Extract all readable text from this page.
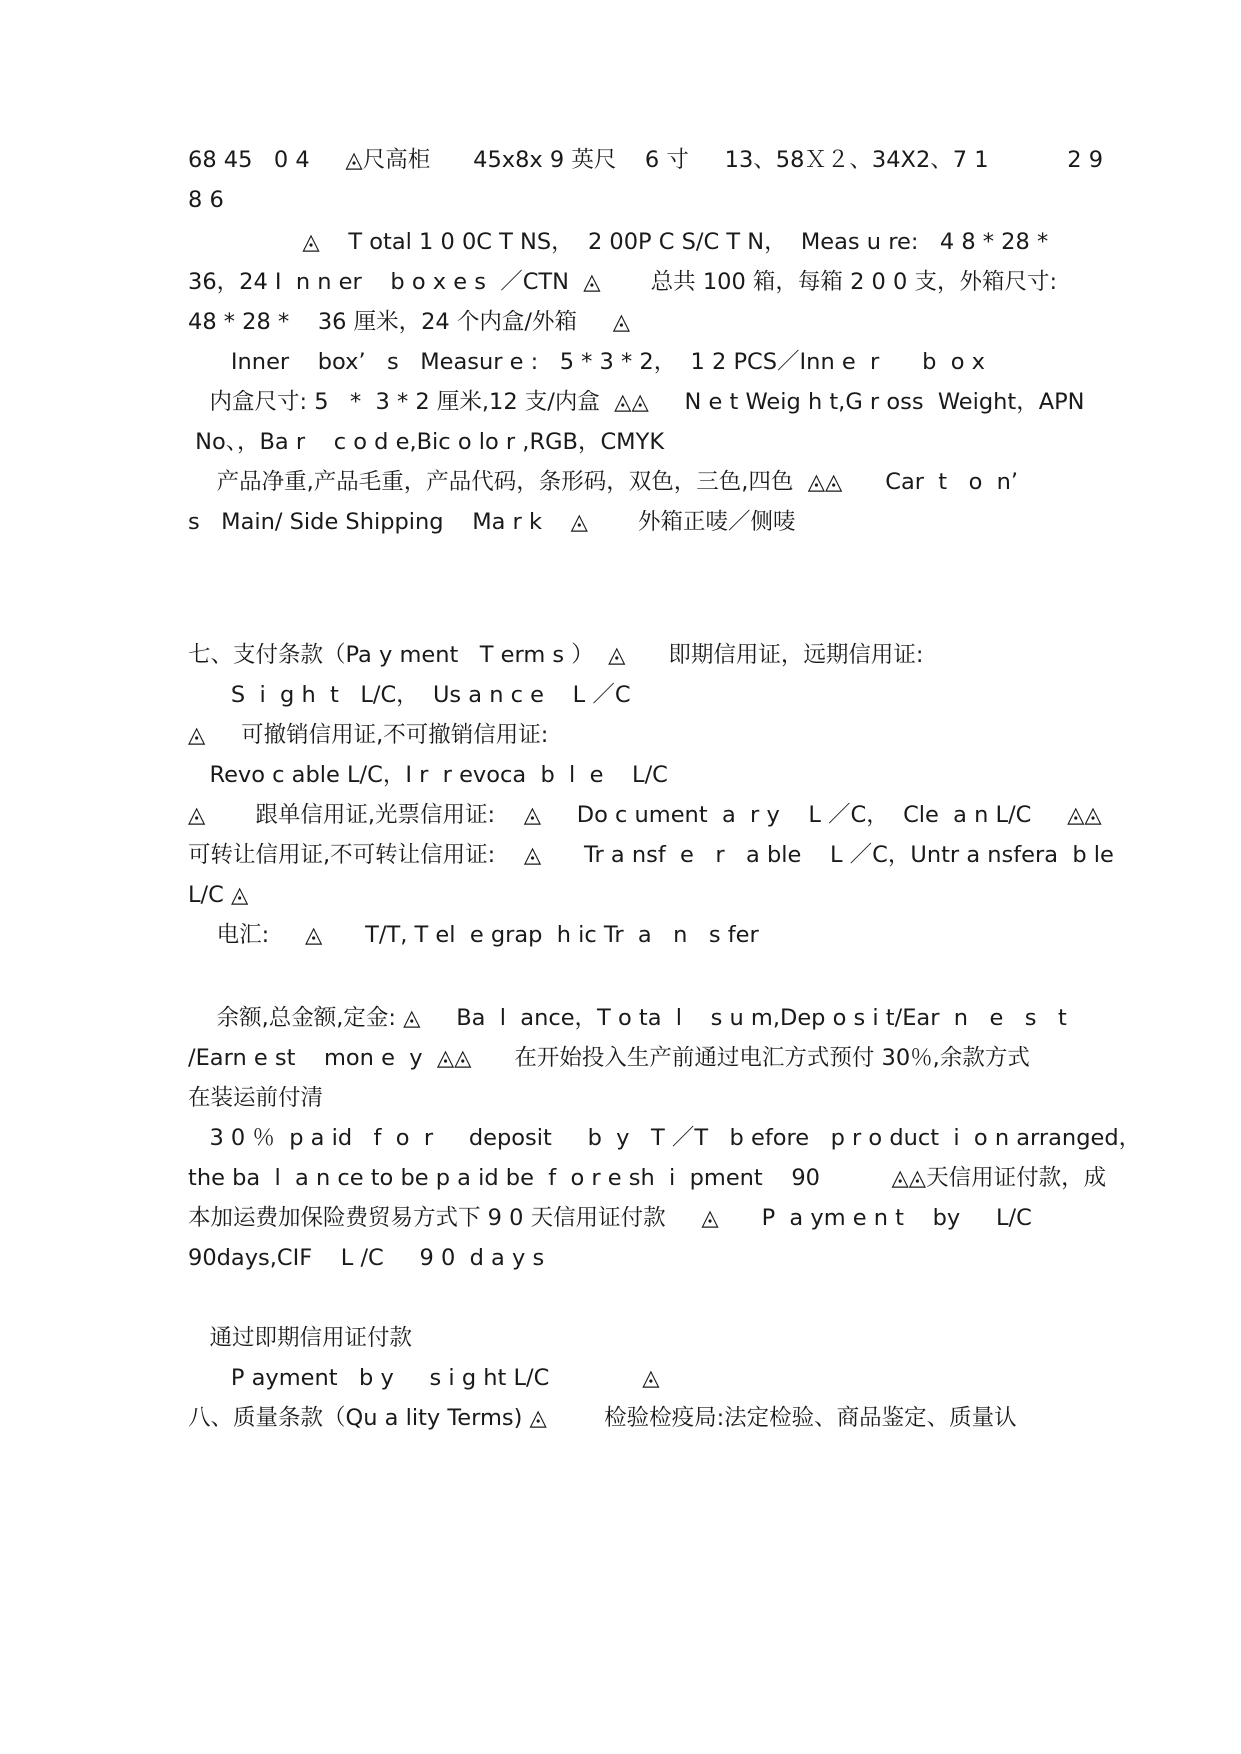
68 45   0 4     ◬尺高柜      45x8x 9 英尺    6 寸     13、58Ｘ２、34X2、7 1           2 9
8 6
◬    T otal 1 0 0C T NS，  2 00P C S/C T N，  Meas u re:   4 8 * 28 *
36，24 I  n n er    b o x e s  ／CTN  ◬       总共 100 箱，每箱 2 0 0 支，外箱尺寸:
48 * 28 *    36 厘米，24 个内盒/外箱     ◬
Inner    box’   s   Measur e :   5 * 3 * 2，  1 2 PCS／Inn e  r      b  o x
内盒尺寸: 5   *  3 * 2 厘米,12 支/内盒  ◬◬     N e t Weig h t,G r oss  Weight，APN
No、，Ba r    c o d e,Bic o lo r ,RGB，CMYK
产品净重,产品毛重，产品代码，条形码，双色，三色,四色  ◬◬      Car  t   o  n’
s   Main/ Side Shipping    Ma r k    ◬       外箱正唛／侧唛
七、支付条款（Pa y ment   T erm s ）  ◬      即期信用证，远期信用证:
S  i  g h  t   L/C，  Us a n c e    L ／C
◬     可撤销信用证,不可撤销信用证:
Revo c able L/C，I r  r evoca  b  l  e    L/C
◬       跟单信用证,光票信用证:    ◬     Do c ument  a  r y    L ／C，  Cle  a n L/C     ◬◬
可转让信用证,不可转让信用证:    ◬      Tr a nsf  e   r   a ble    L ／C，Untr a nsfera  b le
L/C ◬
电汇:     ◬      T/T, T el  e grap  h ic Tr  a   n   s fer
余额,总金额,定金: ◬     Ba  l  ance，T o ta  l    s u m,Dep o s i t/Ear  n   e   s   t
/Earn e st    mon e  y  ◬◬      在开始投入生产前通过电汇方式预付 30％,余款方式
在装运前付清
3 0 ％  p a id   f  o  r     deposit     b  y   T ／T   b efore   p r o duct  i  o n arranged，
the ba  l  a n ce to be p a id be  f  o r e sh  i  pment    90          ◬◬天信用证付款，成
本加运费加保险费贸易方式下 9 0 天信用证付款     ◬      P  a ym e n t    by     L/C
90days,CIF    L /C     9 0  d a y s
通过即期信用证付款
P ayment   b y     s i g ht L/C             ◬
八、质量条款（Qu a lity Terms) ◬        检验检疫局:法定检验、商品鉴定、质量认
